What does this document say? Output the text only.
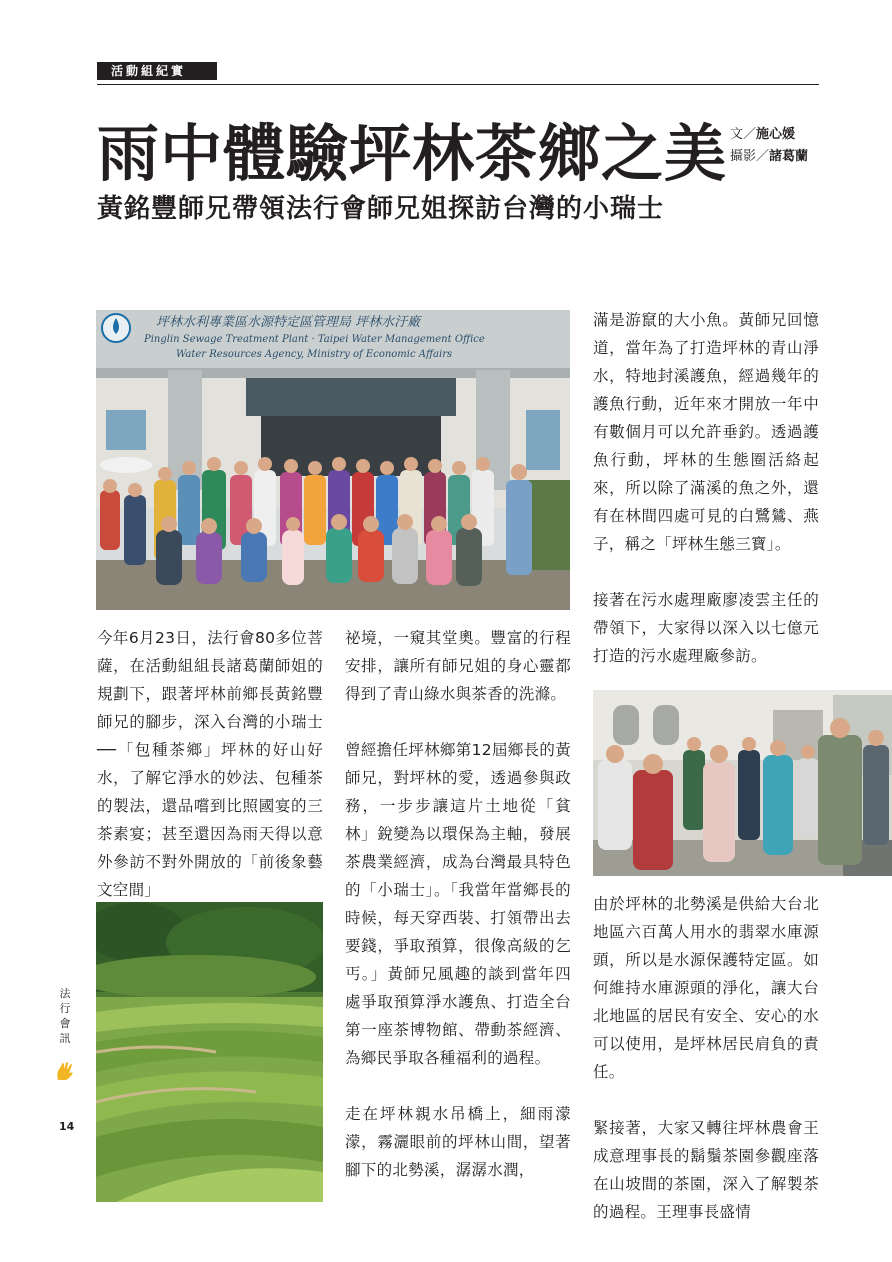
活動組紀實
雨中體驗坪林茶鄉之美 文／施心媛
攝影／諸葛蘭
黃銘豐師兄帶領法行會師兄姐探訪台灣的小瑞士
坪林水利專業區水源特定區管理局 坪林水汙廠
Pinglin Sewage Treatment Plant · Taipei Water Management Office
Water Resources Agency, Ministry of Economic Affairs

今年6月23日，法行會80多位菩薩，在活動組組長諸葛蘭師姐的規劃下，跟著坪林前鄉長黃銘豐師兄的腳步，深入台灣的小瑞士──「包種茶鄉」坪林的好山好水，了解它淨水的妙法、包種茶的製法，還品嚐到比照國宴的三茶素宴；甚至還因為雨天得以意外參訪不對外開放的「前後象藝文空間」

祕境，一窺其堂奧。豐富的行程安排，讓所有師兄姐的身心靈都得到了青山綠水與茶香的洗滌。

曾經擔任坪林鄉第12屆鄉長的黃師兄，對坪林的愛，透過參與政務，一步步讓這片土地從「貧林」銳變為以環保為主軸，發展茶農業經濟，成為台灣最具特色的「小瑞士」。「我當年當鄉長的時候，每天穿西裝、打領帶出去要錢，爭取預算，很像高級的乞丐。」黃師兄風趣的談到當年四處爭取預算淨水護魚、打造全台第一座茶博物館、帶動茶經濟、為鄉民爭取各種福利的過程。

走在坪林親水吊橋上，細雨濛濛，霧灑眼前的坪林山間，望著腳下的北勢溪，潺潺水潤，

滿是游竄的大小魚。黃師兄回憶道，當年為了打造坪林的青山淨水，特地封溪護魚，經過幾年的護魚行動，近年來才開放一年中有數個月可以允許垂釣。透過護魚行動，坪林的生態圈活絡起來，所以除了滿溪的魚之外，還有在林間四處可見的白鷺鷥、燕子，稱之「坪林生態三寶」。

接著在污水處理廠廖凌雲主任的帶領下，大家得以深入以七億元打造的污水處理廠參訪。

由於坪林的北勢溪是供給大台北地區六百萬人用水的翡翠水庫源頭，所以是水源保護特定區。如何維持水庫源頭的淨化，讓大台北地區的居民有安全、安心的水可以使用，是坪林居民肩負的責任。

緊接著，大家又轉往坪林農會王成意理事長的鬍鬚茶園參觀座落在山坡間的茶園，深入了解製茶的過程。王理事長盛情

法行會訊
14
